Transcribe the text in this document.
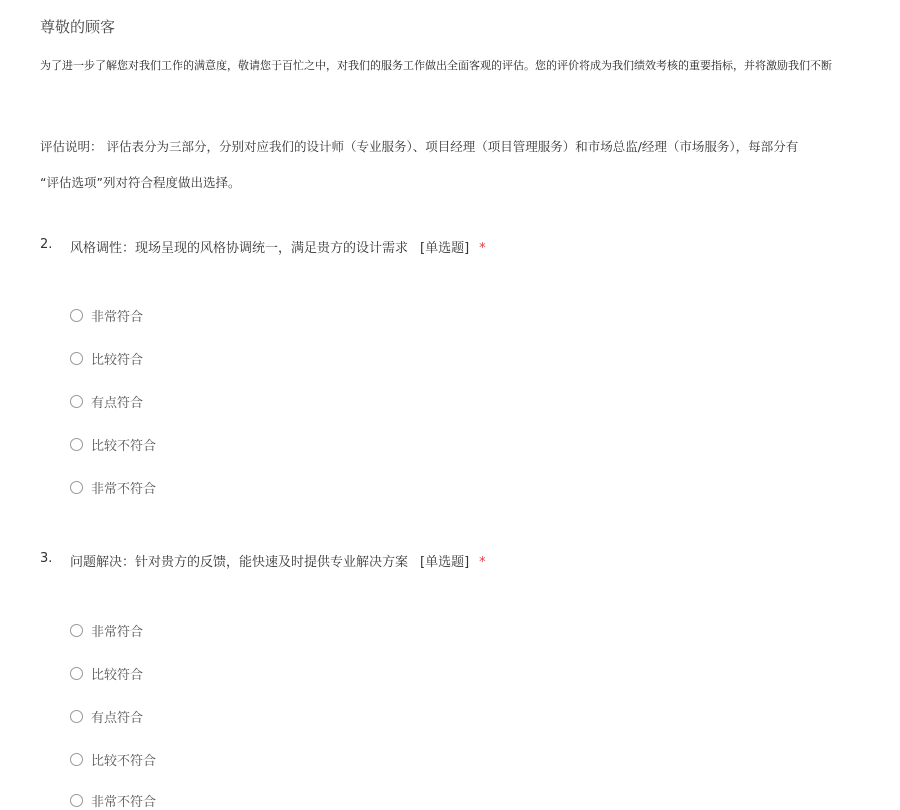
尊敬的顾客
为了进一步了解您对我们工作的满意度，敬请您于百忙之中，对我们的服务工作做出全面客观的评估。您的评价将成为我们绩效考核的重要指标，并将激励我们不断
评估说明： 评估表分为三部分，分别对应我们的设计师（专业服务）、项目经理（项目管理服务）和市场总监/经理（市场服务），每部分有
“评估选项”列对符合程度做出选择。
2. 风格调性：现场呈现的风格协调统一，满足贵方的设计需求 [单选题] *
非常符合
比较符合
有点符合
比较不符合
非常不符合
3. 问题解决：针对贵方的反馈，能快速及时提供专业解决方案 [单选题] *
非常符合
比较符合
有点符合
比较不符合
非常不符合
